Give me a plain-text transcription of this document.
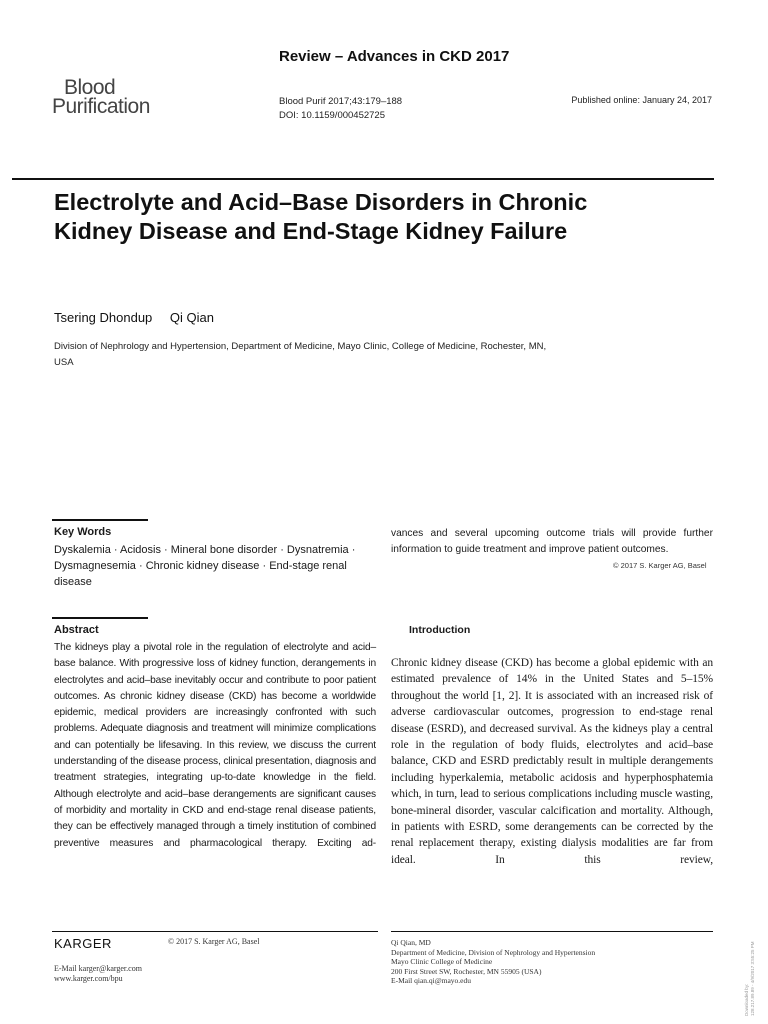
Blood
Purification
Review – Advances in CKD 2017
Blood Purif 2017;43:179–188
DOI: 10.1159/000452725
Published online: January 24, 2017
Electrolyte and Acid–Base Disorders in Chronic Kidney Disease and End-Stage Kidney Failure
Tsering Dhondup Qi Qian
Division of Nephrology and Hypertension, Department of Medicine, Mayo Clinic, College of Medicine, Rochester, MN, USA
Key Words
Dyskalemia · Acidosis · Mineral bone disorder · Dysnatremia · Dysmagnesemia · Chronic kidney disease · End-stage renal disease
Abstract
The kidneys play a pivotal role in the regulation of electrolyte and acid–base balance. With progressive loss of kidney function, derangements in electrolytes and acid–base inevitably occur and contribute to poor patient outcomes. As chronic kidney disease (CKD) has become a worldwide epidemic, medical providers are increasingly confronted with such problems. Adequate diagnosis and treatment will minimize complications and can potentially be lifesaving. In this review, we discuss the current understanding of the disease process, clinical presentation, diagnosis and treatment strategies, integrating up-to-date knowledge in the field. Although electrolyte and acid–base derangements are significant causes of morbidity and mortality in CKD and end-stage renal disease patients, they can be effectively managed through a timely institution of combined preventive measures and pharmacological therapy. Exciting ad-
vances and several upcoming outcome trials will provide further information to guide treatment and improve patient outcomes.
© 2017 S. Karger AG, Basel
Introduction
Chronic kidney disease (CKD) has become a global epidemic with an estimated prevalence of 14% in the United States and 5–15% throughout the world [1, 2]. It is associated with an increased risk of adverse cardiovascular outcomes, progression to end-stage renal disease (ESRD), and decreased survival. As the kidneys play a central role in the regulation of body fluids, electrolytes and acid–base balance, CKD and ESRD predictably result in multiple derangements including hyperkalemia, metabolic acidosis and hyperphosphatemia which, in turn, lead to serious complications including muscle wasting, bone-mineral disorder, vascular calcification and mortality. Although, in patients with ESRD, some derangements can be corrected by the renal replacement therapy, existing dialysis modalities are far from ideal. In this review,
KARGER	© 2017 S. Karger AG, Basel
E-Mail karger@karger.com
www.karger.com/bpu
Qi Qian, MD
Department of Medicine, Division of Nephrology and Hypertension
Mayo Clinic College of Medicine
200 First Street SW, Rochester, MN 55905 (USA)
E-Mail qian.qi@mayo.edu
Downloaded by: 128.217.89.89 - 4/9/2017 3:55:25 PM
